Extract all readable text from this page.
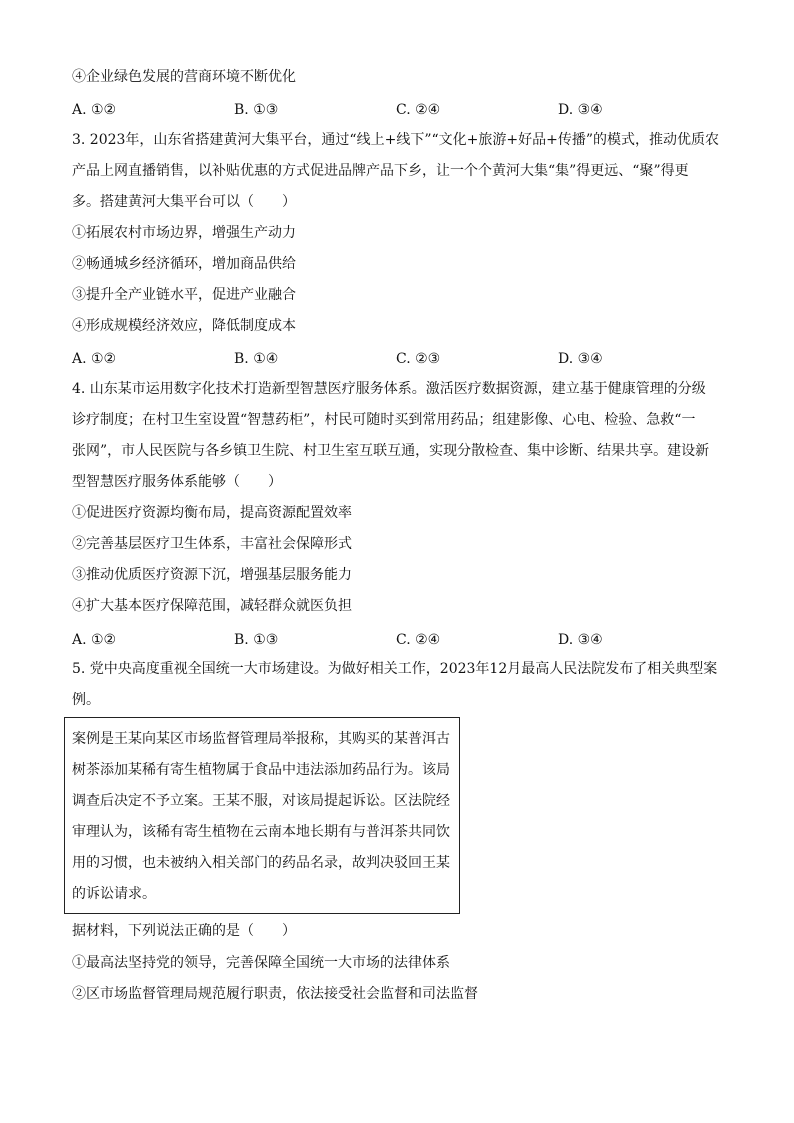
④企业绿色发展的营商环境不断优化
A. ①②	B. ①③	C. ②④	D. ③④
3. 2023年，山东省搭建黄河大集平台，通过“线上+线下”“文化+旅游+好品+传播”的模式，推动优质农
产品上网直播销售，以补贴优惠的方式促进品牌产品下乡，让一个个黄河大集“集”得更远、“聚”得更
多。搭建黄河大集平台可以（　　）
①拓展农村市场边界，增强生产动力
②畅通城乡经济循环，增加商品供给
③提升全产业链水平，促进产业融合
④形成规模经济效应，降低制度成本
A. ①②	B. ①④	C. ②③	D. ③④
4. 山东某市运用数字化技术打造新型智慧医疗服务体系。激活医疗数据资源，建立基于健康管理的分级
诊疗制度；在村卫生室设置“智慧药柜”，村民可随时买到常用药品；组建影像、心电、检验、急救“一
张网”，市人民医院与各乡镇卫生院、村卫生室互联互通，实现分散检查、集中诊断、结果共享。建设新
型智慧医疗服务体系能够（　　）
①促进医疗资源均衡布局，提高资源配置效率
②完善基层医疗卫生体系，丰富社会保障形式
③推动优质医疗资源下沉，增强基层服务能力
④扩大基本医疗保障范围，减轻群众就医负担
A. ①②	B. ①③	C. ②④	D. ③④
5. 党中央高度重视全国统一大市场建设。为做好相关工作，2023年12月最高人民法院发布了相关典型案
例。
案例是王某向某区市场监督管理局举报称，其购买的某普洱古
树茶添加某稀有寄生植物属于食品中违法添加药品行为。该局
调查后决定不予立案。王某不服，对该局提起诉讼。区法院经
审理认为，该稀有寄生植物在云南本地长期有与普洱茶共同饮
用的习惯，也未被纳入相关部门的药品名录，故判决驳回王某
的诉讼请求。
据材料，下列说法正确的是（　　）
①最高法坚持党的领导，完善保障全国统一大市场的法律体系
②区市场监督管理局规范履行职责，依法接受社会监督和司法监督
